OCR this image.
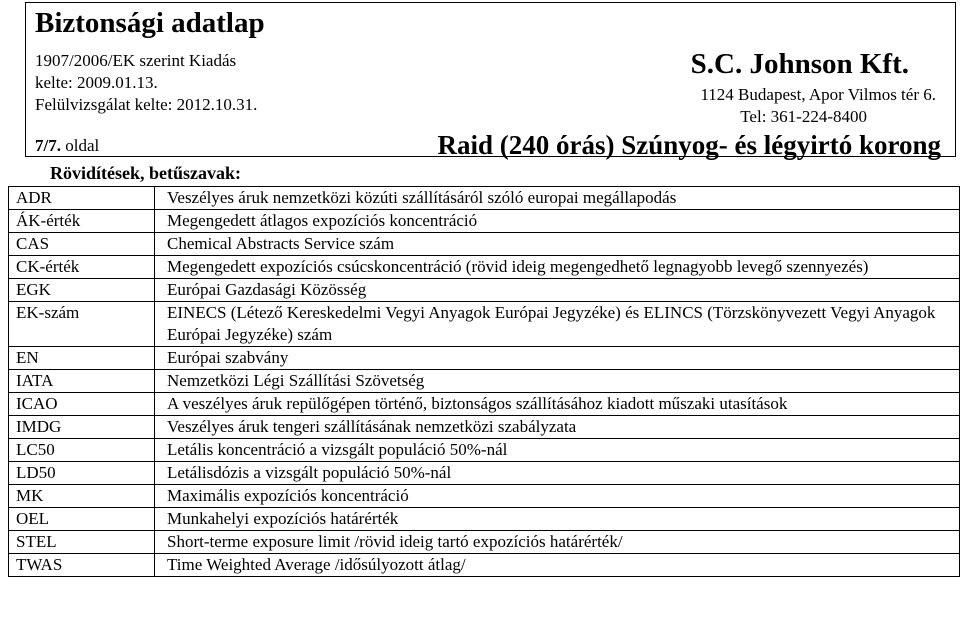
Biztonsági adatlap
1907/2006/EK szerint Kiadás
kelte: 2009.01.13.
Felülvizsgálat kelte: 2012.10.31.
7/7. oldal
S.C. Johnson Kft.
1124 Budapest, Apor Vilmos tér 6.
Tel: 361-224-8400
Raid (240 órás) Szúnyog- és légyirtó korong
Rövidítések, betűszavak:
ADR	Veszélyes áruk nemzetközi közúti szállításáról szóló europai megállapodás
ÁK-érték	Megengedett átlagos expozíciós koncentráció
CAS	Chemical Abstracts Service szám
CK-érték	Megengedett expozíciós csúcskoncentráció (rövid ideig megengedhető legnagyobb levegő szennyezés)
EGK	Európai Gazdasági Közösség
EK-szám	EINECS (Létező Kereskedelmi Vegyi Anyagok Európai Jegyzéke) és ELINCS (Törzskönyvezett Vegyi Anyagok Európai Jegyzéke) szám
EN	Európai szabvány
IATA	Nemzetközi Légi Szállítási Szövetség
ICAO	A veszélyes áruk repülőgépen történő, biztonságos szállításához kiadott műszaki utasítások
IMDG	Veszélyes áruk tengeri szállításának nemzetközi szabályzata
LC50	Letális koncentráció a vizsgált populáció 50%-nál
LD50	Letálisdózis a vizsgált populáció 50%-nál
MK	Maximális expozíciós koncentráció
OEL	Munkahelyi expozíciós határérték
STEL	Short-terme exposure limit /rövid ideig tartó expozíciós határérték/
TWAS	Time Weighted Average /idősúlyozott átlag/
